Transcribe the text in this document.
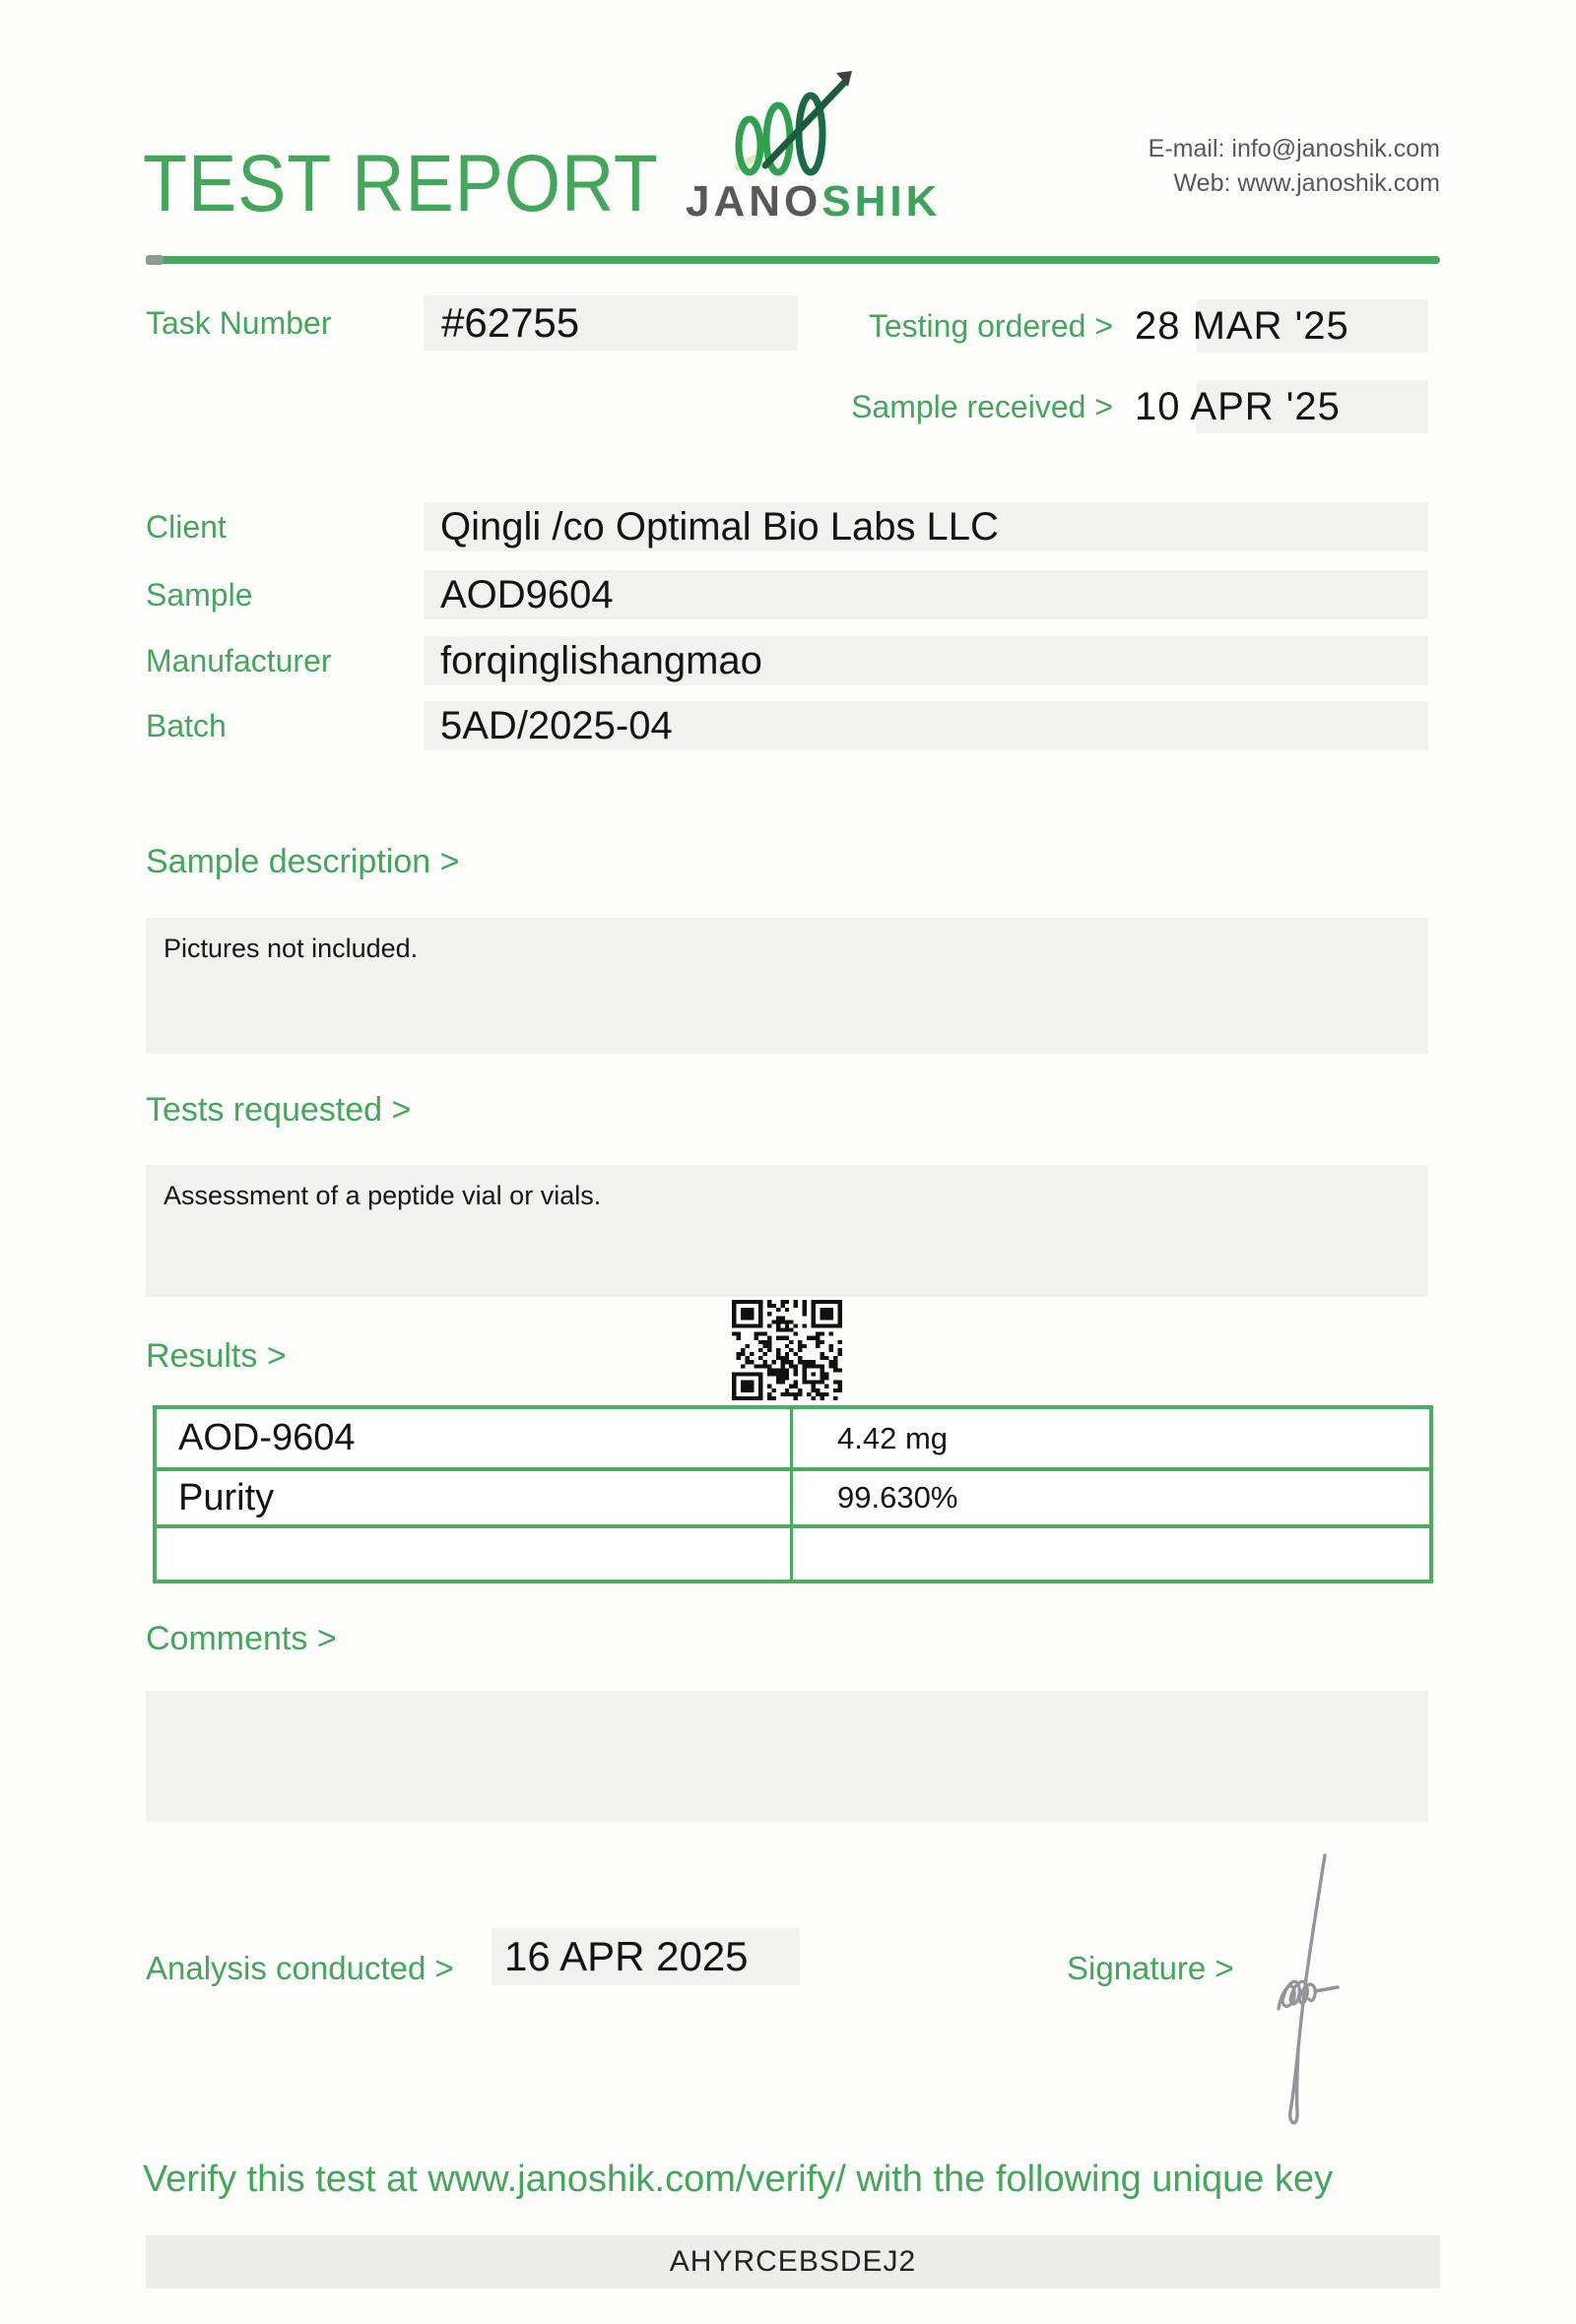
TEST REPORT JANOSHIK
E-mail: info@janoshik.com
Web: www.janoshik.com
Task Number	#62755	Testing ordered > 28 MAR '25
Sample received > 10 APR '25
Client	Qingli /co Optimal Bio Labs LLC
Sample	AOD9604
Manufacturer	forqinglishangmao
Batch	5AD/2025-04
Sample description >
Pictures not included.
Tests requested >
Assessment of a peptide vial or vials.
Results >
AOD-9604	4.42 mg
Purity	99.630%
Comments >
Analysis conducted > 16 APR 2025	Signature >
Verify this test at www.janoshik.com/verify/ with the following unique key
AHYRCEBSDEJ2
